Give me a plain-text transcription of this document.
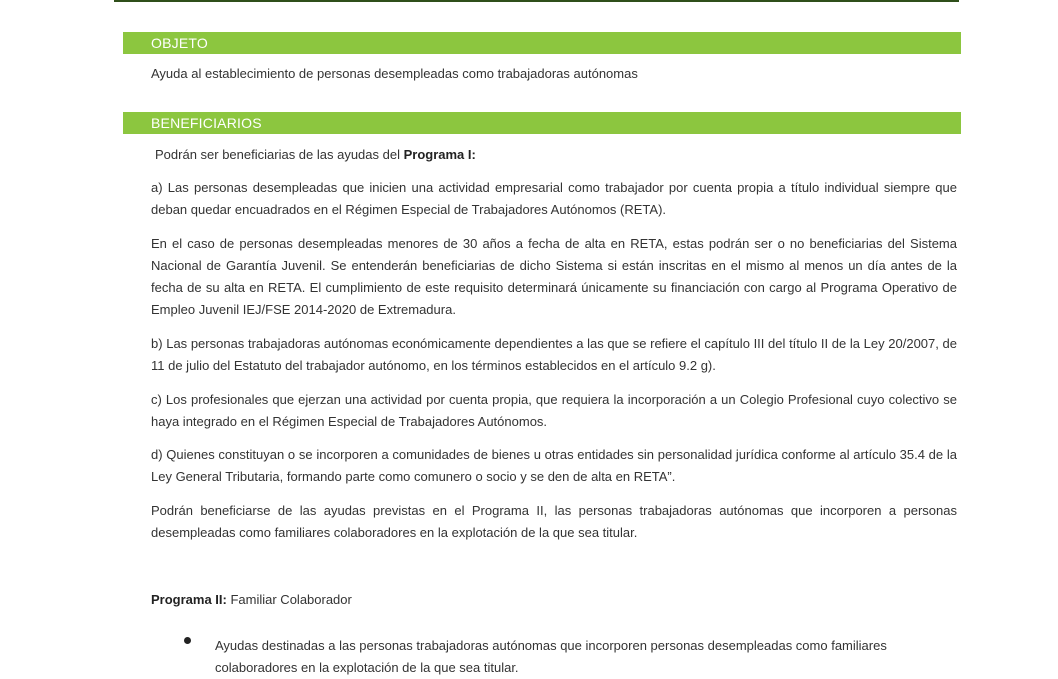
OBJETO

Ayuda al establecimiento de personas desempleadas como trabajadoras autónomas

BENEFICIARIOS

Podrán ser beneficiarias de las ayudas del Programa I:

a) Las personas desempleadas que inicien una actividad empresarial como trabajador por cuenta propia a título individual siempre que deban quedar encuadrados en el Régimen Especial de Trabajadores Autónomos (RETA).

En el caso de personas desempleadas menores de 30 años a fecha de alta en RETA, estas podrán ser o no beneficiarias del Sistema Nacional de Garantía Juvenil. Se entenderán beneficiarias de dicho Sistema si están inscritas en el mismo al menos un día antes de la fecha de su alta en RETA. El cumplimiento de este requisito determinará únicamente su financiación con cargo al Programa Operativo de Empleo Juvenil IEJ/FSE 2014-2020 de Extremadura.

b) Las personas trabajadoras autónomas económicamente dependientes a las que se refiere el capítulo III del título II de la Ley 20/2007, de 11 de julio del Estatuto del trabajador autónomo, en los términos establecidos en el artículo 9.2 g).

c) Los profesionales que ejerzan una actividad por cuenta propia, que requiera la incorporación a un Colegio Profesional cuyo colectivo se haya integrado en el Régimen Especial de Trabajadores Autónomos.

d) Quienes constituyan o se incorporen a comunidades de bienes u otras entidades sin personalidad jurídica conforme al artículo 35.4 de la Ley General Tributaria, formando parte como comunero o socio y se den de alta en RETA”.

Podrán beneficiarse de las ayudas previstas en el Programa II, las personas trabajadoras autónomas que incorporen a personas desempleadas como familiares colaboradores en la explotación de la que sea titular.

Programa II: Familiar Colaborador

Ayudas destinadas a las personas trabajadoras autónomas que incorporen personas desempleadas como familiares colaboradores en la explotación de la que sea titular.
